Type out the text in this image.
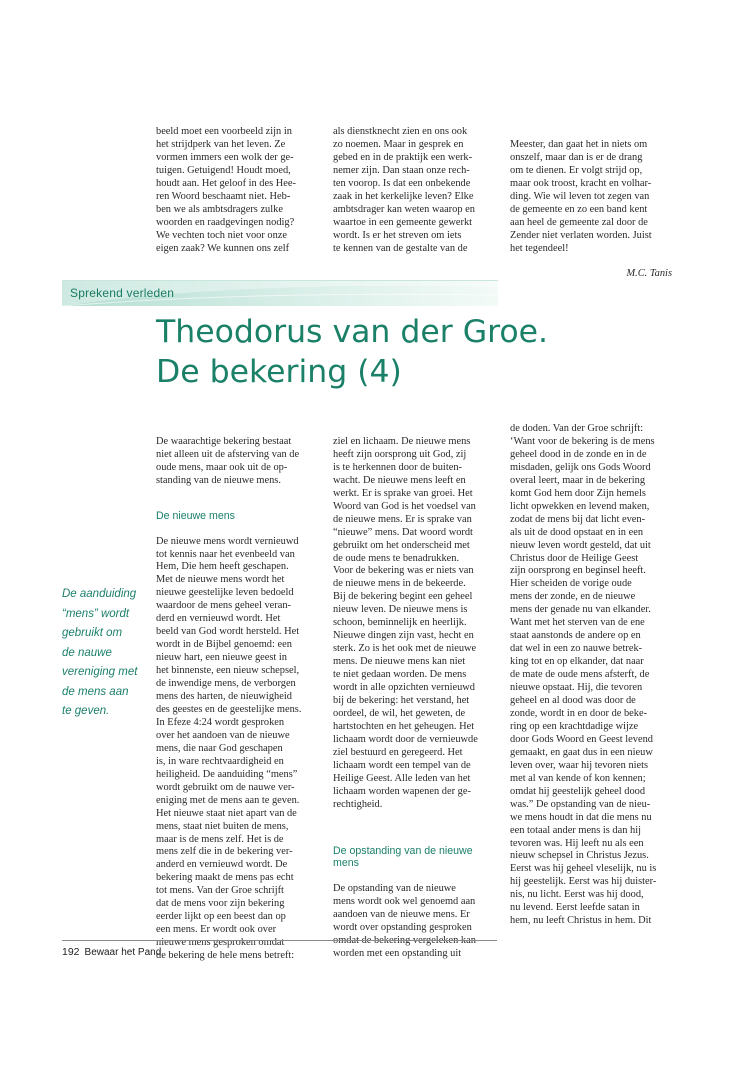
beeld moet een voorbeeld zijn in
het strijdperk van het leven. Ze
vormen immers een wolk der ge-
tuigen. Getuigend! Houdt moed,
houdt aan. Het geloof in des Hee-
ren Woord beschaamt niet. Heb-
ben we als ambtsdragers zulke
woorden en raadgevingen nodig?
We vechten toch niet voor onze
eigen zaak? We kunnen ons zelf
als dienstknecht zien en ons ook
zo noemen. Maar in gesprek en
gebed en in de praktijk een werk-
nemer zijn. Dan staan onze rech-
ten voorop. Is dat een onbekende
zaak in het kerkelijke leven? Elke
ambtsdrager kan weten waarop en
waartoe in een gemeente gewerkt
wordt. Is er het streven om iets
te kennen van de gestalte van de

Meester, dan gaat het in niets om
onszelf, maar dan is er de drang
om te dienen. Er volgt strijd op,
maar ook troost, kracht en volhar-
ding. Wie wil leven tot zegen van
de gemeente en zo een band kent
aan heel de gemeente zal door de
Zender niet verlaten worden. Juist
het tegendeel!

M.C. Tanis

Sprekend verleden
Theodorus van der Groe.
De bekering (4)
De aanduiding
“mens” wordt
gebruikt om
de nauwe
vereniging met
de mens aan
te geven.

De waarachtige bekering bestaat
niet alleen uit de afsterving van de
oude mens, maar ook uit de op-
standing van de nieuwe mens.

De nieuwe mens

De nieuwe mens wordt vernieuwd
tot kennis naar het evenbeeld van
Hem, Die hem heeft geschapen.
Met de nieuwe mens wordt het
nieuwe geestelijke leven bedoeld
waardoor de mens geheel veran-
derd en vernieuwd wordt. Het
beeld van God wordt hersteld. Het
wordt in de Bijbel genoemd: een
nieuw hart, een nieuwe geest in
het binnenste, een nieuw schepsel,
de inwendige mens, de verborgen
mens des harten, de nieuwigheid
des geestes en de geestelijke mens.
In Efeze 4:24 wordt gesproken
over het aandoen van de nieuwe
mens, die naar God geschapen
is, in ware rechtvaardigheid en
heiligheid. De aanduiding “mens”
wordt gebruikt om de nauwe ver-
eniging met de mens aan te geven.
Het nieuwe staat niet apart van de
mens, staat niet buiten de mens,
maar is de mens zelf. Het is de
mens zelf die in de bekering ver-
anderd en vernieuwd wordt. De
bekering maakt de mens pas echt
tot mens. Van der Groe schrijft
dat de mens voor zijn bekering
eerder lijkt op een beest dan op
een mens. Er wordt ook over
nieuwe mens gesproken omdat
de bekering de hele mens betreft:

ziel en lichaam. De nieuwe mens
heeft zijn oorsprong uit God, zij
is te herkennen door de buiten-
wacht. De nieuwe mens leeft en
werkt. Er is sprake van groei. Het
Woord van God is het voedsel van
de nieuwe mens. Er is sprake van
“nieuwe” mens. Dat woord wordt
gebruikt om het onderscheid met
de oude mens te benadrukken.
Voor de bekering was er niets van
de nieuwe mens in de bekeerde.
Bij de bekering begint een geheel
nieuw leven. De nieuwe mens is
schoon, beminnelijk en heerlijk.
Nieuwe dingen zijn vast, hecht en
sterk. Zo is het ook met de nieuwe
mens. De nieuwe mens kan niet
te niet gedaan worden. De mens
wordt in alle opzichten vernieuwd
bij de bekering: het verstand, het
oordeel, de wil, het geweten, de
hartstochten en het geheugen. Het
lichaam wordt door de vernieuwde
ziel bestuurd en geregeerd. Het
lichaam wordt een tempel van de
Heilige Geest. Alle leden van het
lichaam worden wapenen der ge-
rechtigheid.

De opstanding van de nieuwe
mens

De opstanding van de nieuwe
mens wordt ook wel genoemd aan
aandoen van de nieuwe mens. Er
wordt over opstanding gesproken
omdat de bekering vergeleken kan
worden met een opstanding uit

de doden. Van der Groe schrijft:
‘Want voor de bekering is de mens
geheel dood in de zonde en in de
misdaden, gelijk ons Gods Woord
overal leert, maar in de bekering
komt God hem door Zijn hemels
licht opwekken en levend maken,
zodat de mens bij dat licht even-
als uit de dood opstaat en in een
nieuw leven wordt gesteld, dat uit
Christus door de Heilige Geest
zijn oorsprong en beginsel heeft.
Hier scheiden de vorige oude
mens der zonde, en de nieuwe
mens der genade nu van elkander.
Want met het sterven van de ene
staat aanstonds de andere op en
dat wel in een zo nauwe betrek-
king tot en op elkander, dat naar
de mate de oude mens afsterft, de
nieuwe opstaat. Hij, die tevoren
geheel en al dood was door de
zonde, wordt in en door de beke-
ring op een krachtdadige wijze
door Gods Woord en Geest levend
gemaakt, en gaat dus in een nieuw
leven over, waar hij tevoren niets
met al van kende of kon kennen;
omdat hij geestelijk geheel dood
was.” De opstanding van de nieu-
we mens houdt in dat die mens nu
een totaal ander mens is dan hij
tevoren was. Hij leeft nu als een
nieuw schepsel in Christus Jezus.
Eerst was hij geheel vleselijk, nu is
hij geestelijk. Eerst was hij duister-
nis, nu licht. Eerst was hij dood,
nu levend. Eerst leefde satan in
hem, nu leeft Christus in hem. Dit
192 Bewaar het Pand
